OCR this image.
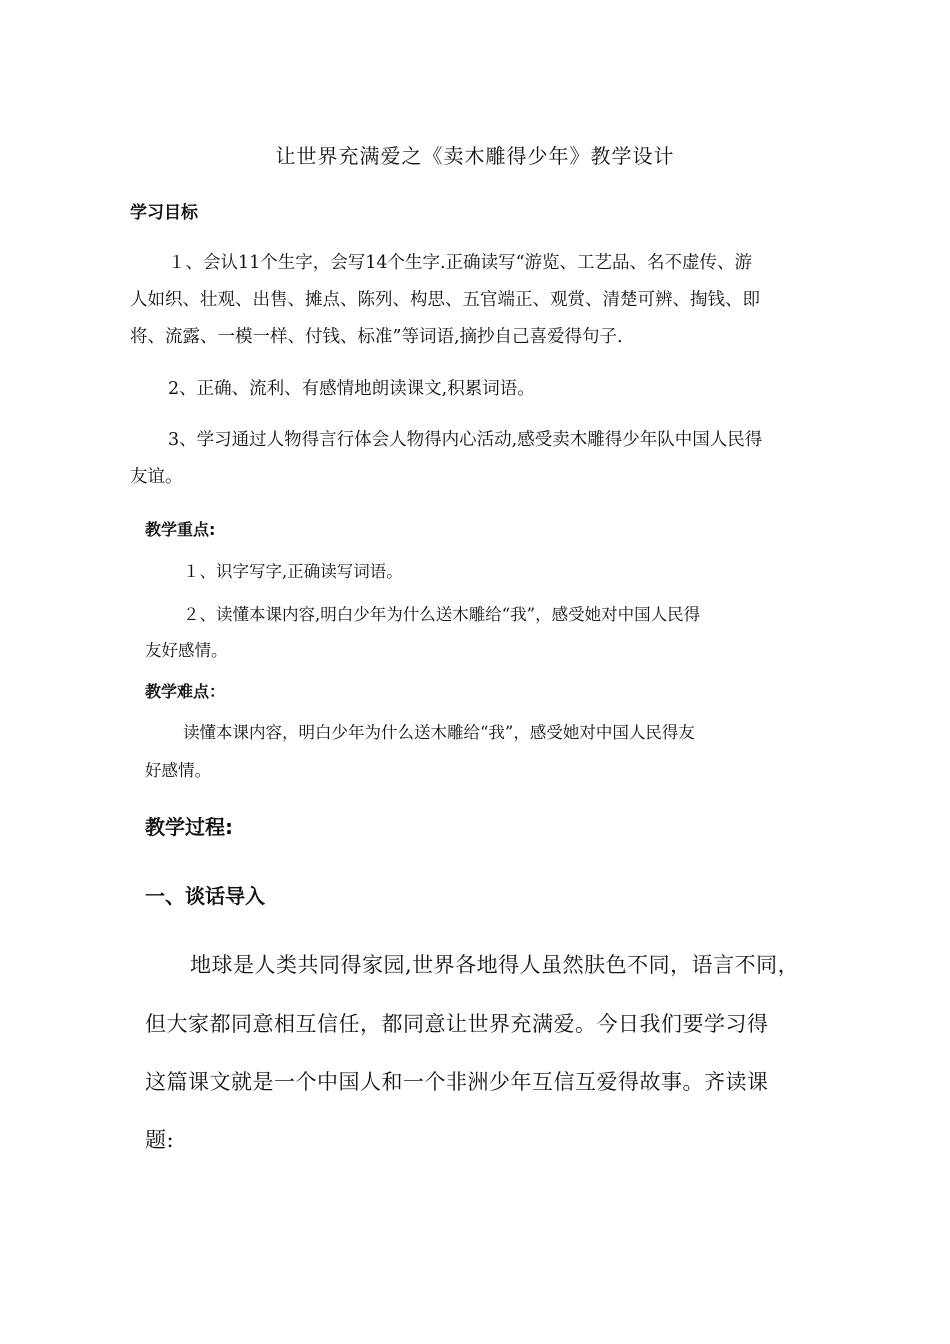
让世界充满爱之《卖木雕得少年》教学设计

学习目标

１、会认11个生字，会写14个生字.正确读写“游览、工艺品、名不虚传、游

人如织、壮观、出售、摊点、陈列、构思、五官端正、观赏、清楚可辨、掏钱、即

将、流露、一模一样、付钱、标准”等词语,摘抄自己喜爱得句子.

2、正确、流利、有感情地朗读课文,积累词语。

3、学习通过人物得言行体会人物得内心活动,感受卖木雕得少年队中国人民得

友谊。

教学重点:

１、识字写字,正确读写词语。

２、读懂本课内容,明白少年为什么送木雕给“我”，感受她对中国人民得

友好感情。

教学难点：

读懂本课内容，明白少年为什么送木雕给“我”，感受她对中国人民得友

好感情。

教学过程:

一、谈话导入

地球是人类共同得家园,世界各地得人虽然肤色不同，语言不同，

但大家都同意相互信任，都同意让世界充满爱。今日我们要学习得

这篇课文就是一个中国人和一个非洲少年互信互爱得故事。齐读课

题:
